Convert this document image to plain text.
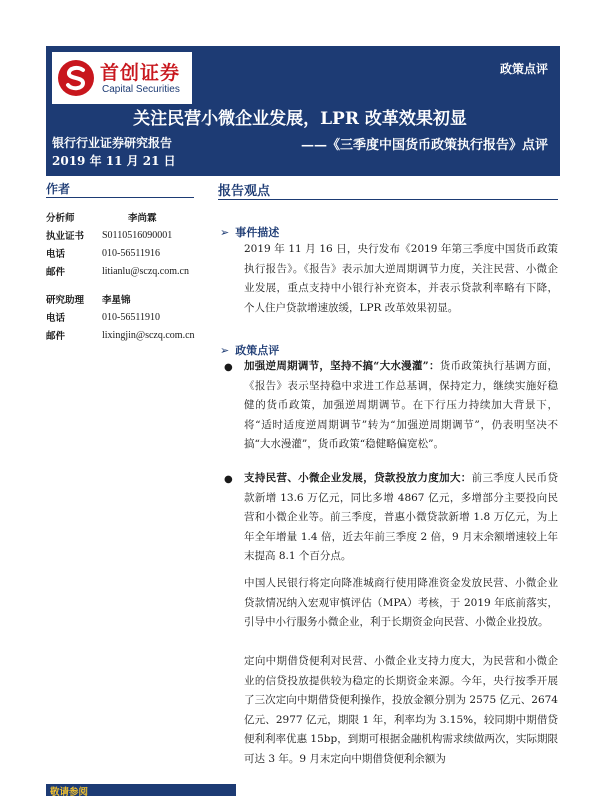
首创证券
Capital Securities
政策点评
关注民营小微企业发展，LPR 改革效果初显
银行行业证券研究报告
2019 年 11 月 21 日
——《三季度中国货币政策执行报告》点评
作者
分析师	李尚霖
执业证书	S0110516090001
电话	010-56511916
邮件	litianlu@sczq.com.cn
研究助理	李星锦
电话	010-56511910
邮件	lixingjin@sczq.com.cn
报告观点
➢ 事件描述

2019 年 11 月 16 日，央行发布《2019 年第三季度中国货币政策执行报告》。《报告》表示加大逆周期调节力度，关注民营、小微企业发展，重点支持中小银行补充资本，并表示贷款利率略有下降，个人住户贷款增速放缓，LPR 改革效果初显。

➢ 政策点评
● 加强逆周期调节，坚持不搞“大水漫灌”：货币政策执行基调方面，《报告》表示坚持稳中求进工作总基调，保持定力，继续实施好稳健的货币政策，加强逆周期调节。在下行压力持续加大背景下，将“适时适度逆周期调节”转为“加强逆周期调节”，仍表明坚决不搞“大水漫灌”，货币政策“稳健略偏宽松”。

● 支持民营、小微企业发展，贷款投放力度加大：前三季度人民币贷款新增 13.6 万亿元，同比多增 4867 亿元，多增部分主要投向民营和小微企业等。前三季度，普惠小微贷款新增 1.8 万亿元，为上年全年增量 1.4 倍，近去年前三季度 2 倍，9 月末余额增速较上年末提高 8.1 个百分点。

中国人民银行将定向降准城商行使用降准资金发放民营、小微企业贷款情况纳入宏观审慎评估（MPA）考核，于 2019 年底前落实，引导中小行服务小微企业，利于长期资金向民营、小微企业投放。

定向中期借贷便利对民营、小微企业支持力度大，为民营和小微企业的信贷投放提供较为稳定的长期资金来源。今年，央行按季开展了三次定向中期借贷便利操作，投放金额分别为 2575 亿元、2674 亿元、2977 亿元，期限 1 年，利率均为 3.15%，较同期中期借贷便利利率优惠 15bp，到期可根据金融机构需求续做两次，实际期限可达 3 年。9 月末定向中期借贷便利余额为

敬请参阅
